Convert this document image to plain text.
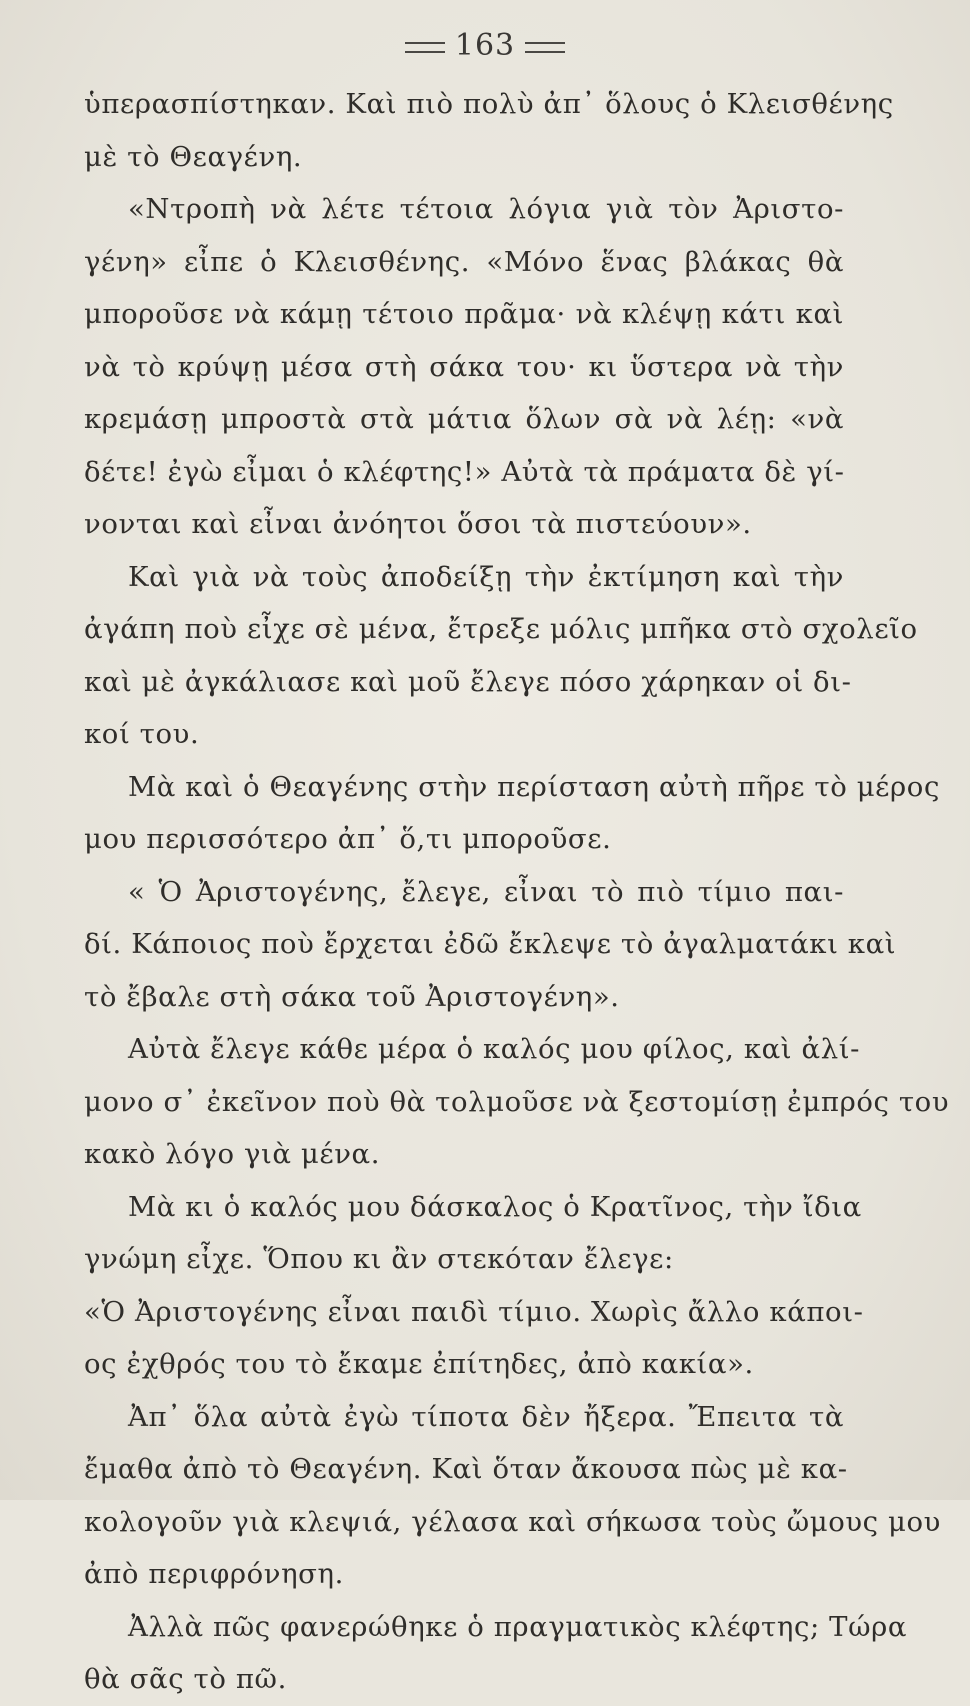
163
ὑπερασπίστηκαν. Καὶ πιὸ πολὺ ἀπ᾽ ὅλους ὁ Κλεισθένης
μὲ τὸ Θεαγένη.
«Ντροπὴ νὰ λέτε τέτοια λόγια γιὰ τὸν Ἀριστο-
γένη» εἶπε ὁ Κλεισθένης. «Μόνο ἕνας βλάκας θὰ
μποροῦσε νὰ κάμῃ τέτοιο πρᾶμα· νὰ κλέψῃ κάτι καὶ
νὰ τὸ κρύψῃ μέσα στὴ σάκα του· κι ὕστερα νὰ τὴν
κρεμάσῃ μπροστὰ στὰ μάτια ὅλων σὰ νὰ λέῃ: «νὰ
δέτε! ἐγὼ εἶμαι ὁ κλέφτης!» Αὐτὰ τὰ πράματα δὲ γί-
νονται καὶ εἶναι ἀνόητοι ὅσοι τὰ πιστεύουν».
Καὶ γιὰ νὰ τοὺς ἀποδείξῃ τὴν ἐκτίμηση καὶ τὴν
ἀγάπη ποὺ εἶχε σὲ μένα, ἔτρεξε μόλις μπῆκα στὸ σχολεῖο
καὶ μὲ ἀγκάλιασε καὶ μοῦ ἔλεγε πόσο χάρηκαν οἱ δι-
κοί του.
Μὰ καὶ ὁ Θεαγένης στὴν περίσταση αὐτὴ πῆρε τὸ μέρος
μου περισσότερο ἀπ᾽ ὅ,τι μποροῦσε.
« Ὁ Ἀριστογένης, ἔλεγε, εἶναι τὸ πιὸ τίμιο παι-
δί. Κάποιος ποὺ ἔρχεται ἐδῶ ἔκλεψε τὸ ἀγαλματάκι καὶ
τὸ ἔβαλε στὴ σάκα τοῦ Ἀριστογένη».
Αὐτὰ ἔλεγε κάθε μέρα ὁ καλός μου φίλος, καὶ ἀλί-
μονο σ᾽ ἐκεῖνον ποὺ θὰ τολμοῦσε νὰ ξεστομίσῃ ἐμπρός του
κακὸ λόγο γιὰ μένα.
Μὰ κι ὁ καλός μου δάσκαλος ὁ Κρατῖνος, τὴν ἴδια
γνώμη εἶχε. Ὅπου κι ἂν στεκόταν ἔλεγε:
«Ὁ Ἀριστογένης εἶναι παιδὶ τίμιο. Χωρὶς ἄλλο κάποι-
ος ἐχθρός του τὸ ἔκαμε ἐπίτηδες, ἀπὸ κακία».
Ἀπ᾽ ὅλα αὐτὰ ἐγὼ τίποτα δὲν ἤξερα. Ἔπειτα τὰ
ἔμαθα ἀπὸ τὸ Θεαγένη. Καὶ ὅταν ἄκουσα πὼς μὲ κα-
κολογοῦν γιὰ κλεψιά, γέλασα καὶ σήκωσα τοὺς ὤμους μου
ἀπὸ περιφρόνηση.
Ἀλλὰ πῶς φανερώθηκε ὁ πραγματικὸς κλέφτης; Τώρα
θὰ σᾶς τὸ πῶ.
